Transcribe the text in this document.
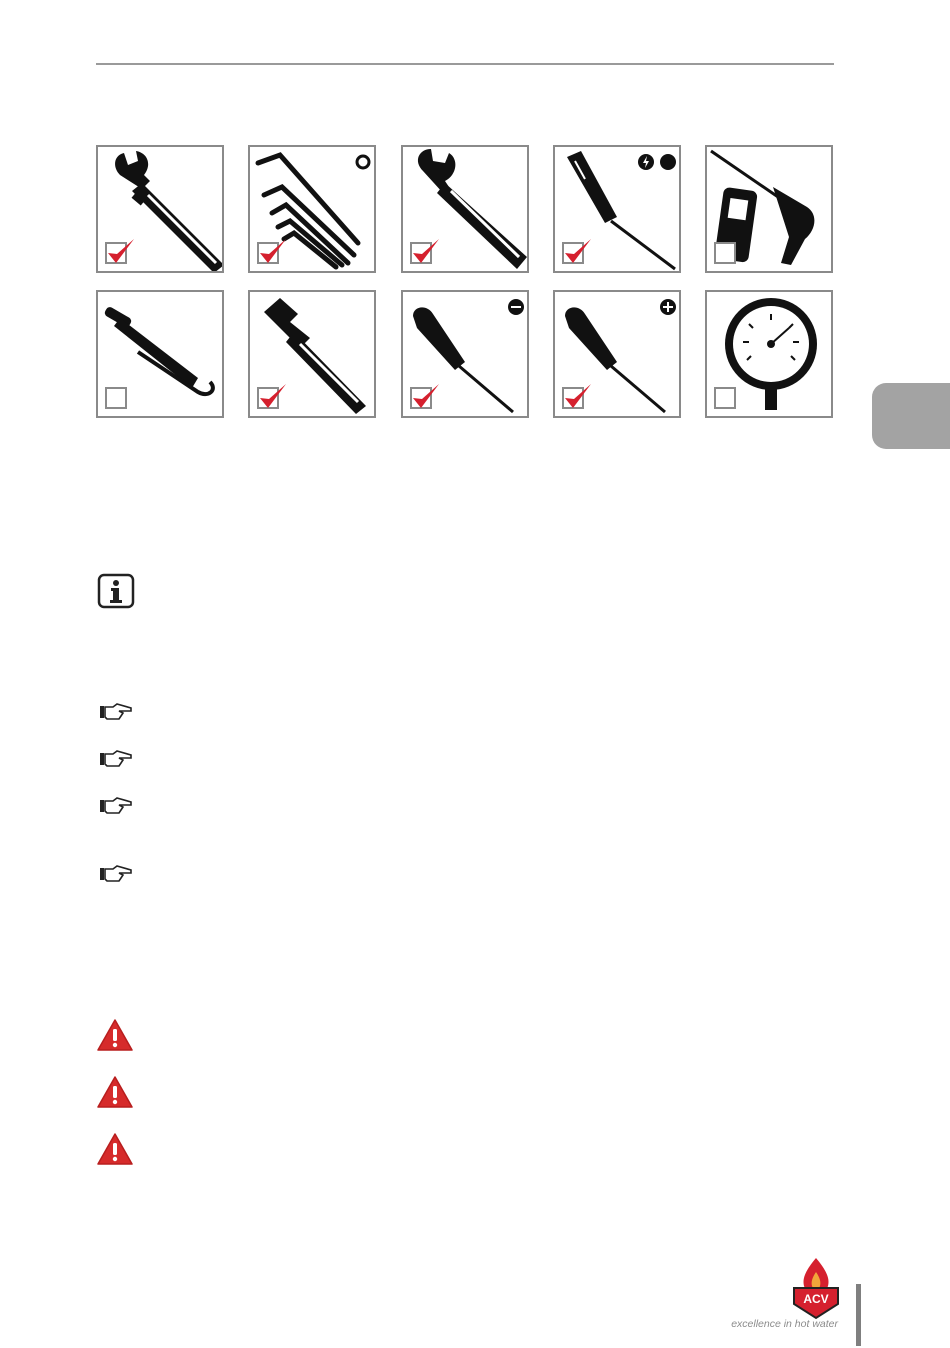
ACV
excellence in hot water
